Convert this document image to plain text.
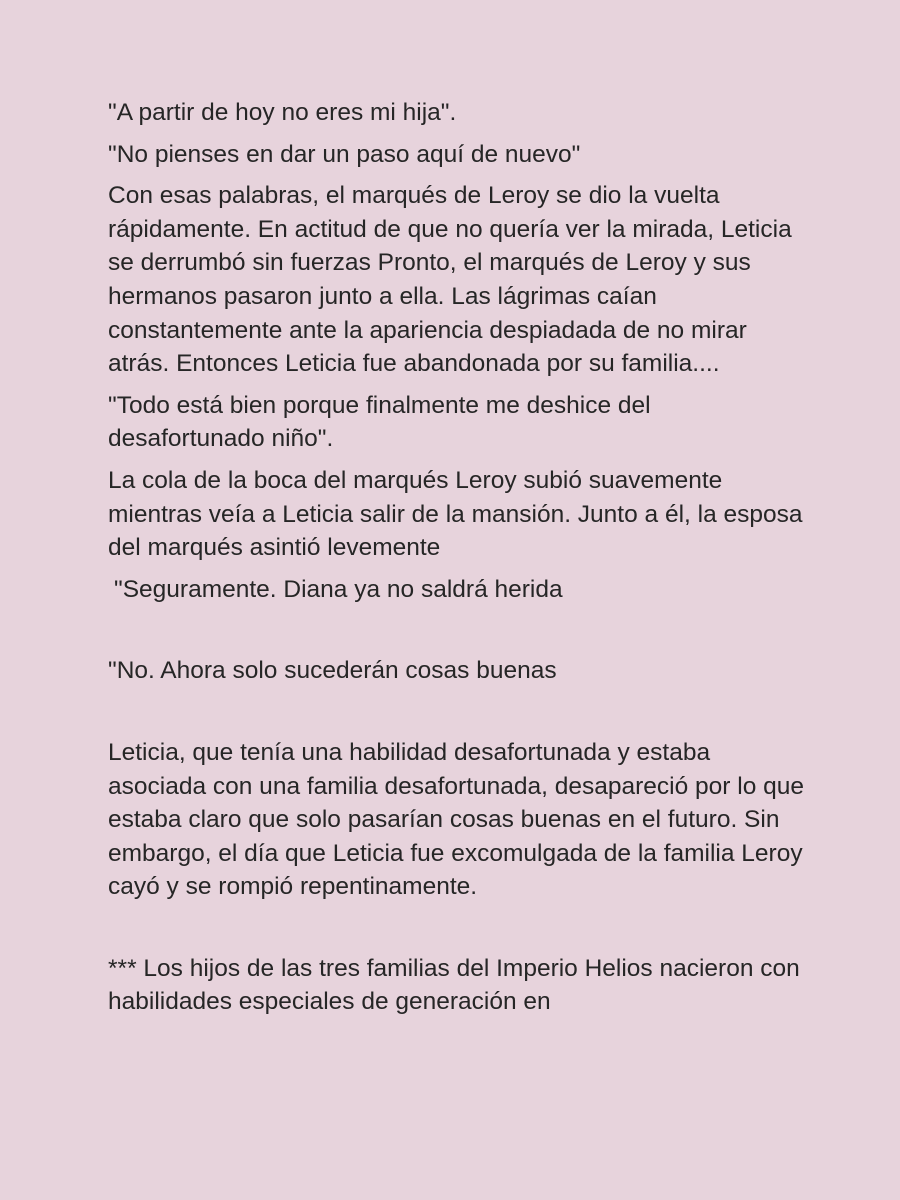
"A partir de hoy no eres mi hija".

"No pienses en dar un paso aquí de nuevo"

Con esas palabras, el marqués de Leroy se dio la vuelta rápidamente. En actitud de que no quería ver la mirada, Leticia se derrumbó sin fuerzas Pronto, el marqués de Leroy y sus hermanos pasaron junto a ella. Las lágrimas caían constantemente ante la apariencia despiadada de no mirar atrás. Entonces Leticia fue abandonada por su familia....

"Todo está bien porque finalmente me deshice del desafortunado niño".

La cola de la boca del marqués Leroy subió suavemente mientras veía a Leticia salir de la mansión. Junto a él, la esposa del marqués asintió levemente

"Seguramente. Diana ya no saldrá herida

"No. Ahora solo sucederán cosas buenas

Leticia, que tenía una habilidad desafortunada y estaba asociada con una familia desafortunada, desapareció por lo que estaba claro que solo pasarían cosas buenas en el futuro. Sin embargo, el día que Leticia fue excomulgada de la familia Leroy cayó y se rompió repentinamente.

*** Los hijos de las tres familias del Imperio Helios nacieron con habilidades especiales de generación en
